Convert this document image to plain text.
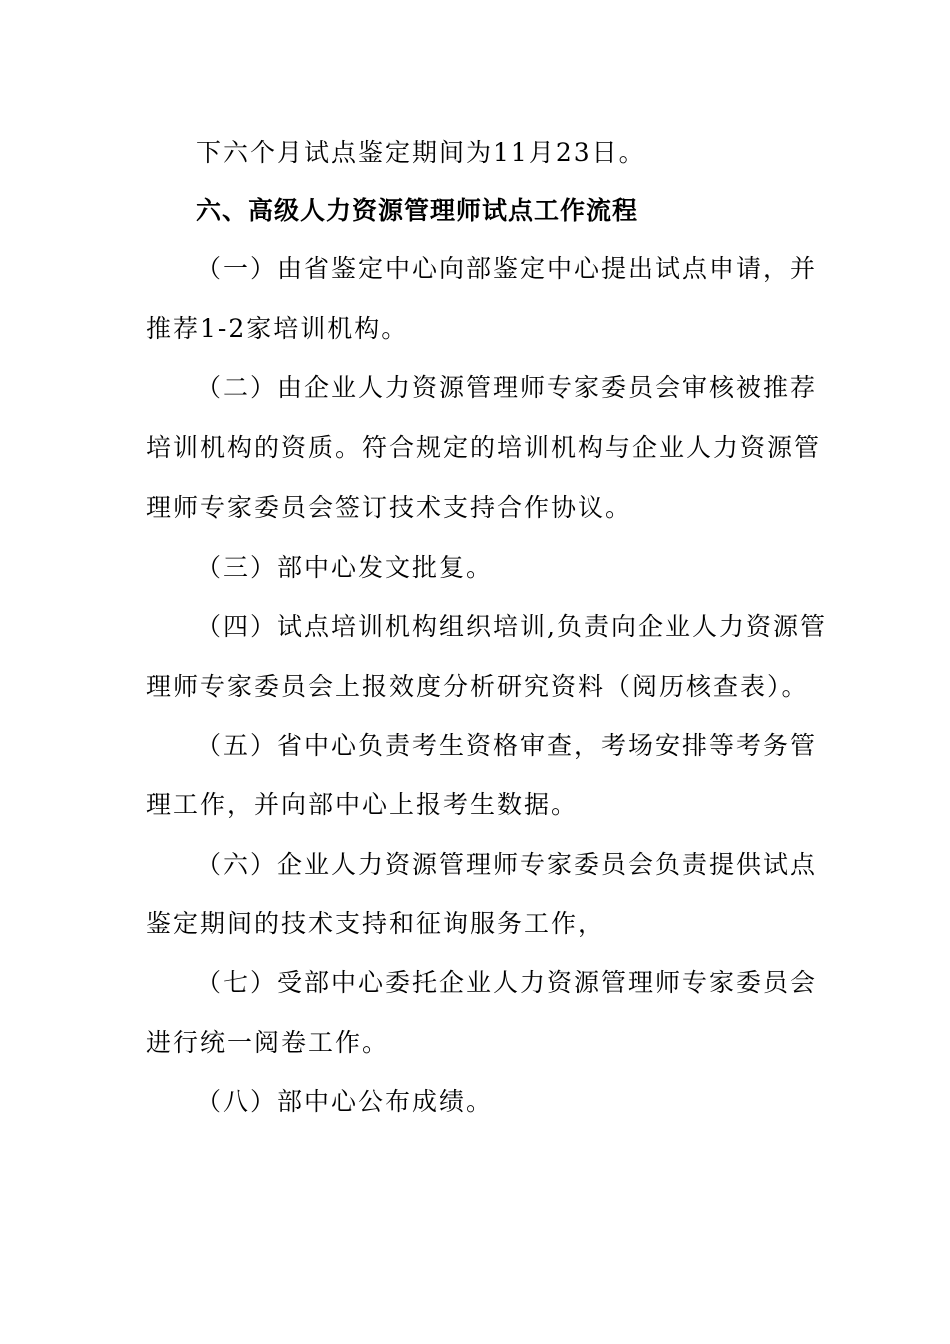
下六个月试点鉴定期间为11月23日。
六、高级人力资源管理师试点工作流程
（一）由省鉴定中心向部鉴定中心提出试点申请，并
推荐1-2家培训机构。
（二）由企业人力资源管理师专家委员会审核被推荐
培训机构的资质。符合规定的培训机构与企业人力资源管
理师专家委员会签订技术支持合作协议。
（三）部中心发文批复。
（四）试点培训机构组织培训,负责向企业人力资源管
理师专家委员会上报效度分析研究资料（阅历核查表）。
（五）省中心负责考生资格审查，考场安排等考务管
理工作，并向部中心上报考生数据。
（六）企业人力资源管理师专家委员会负责提供试点
鉴定期间的技术支持和征询服务工作，
（七）受部中心委托企业人力资源管理师专家委员会
进行统一阅卷工作。
（八）部中心公布成绩。
